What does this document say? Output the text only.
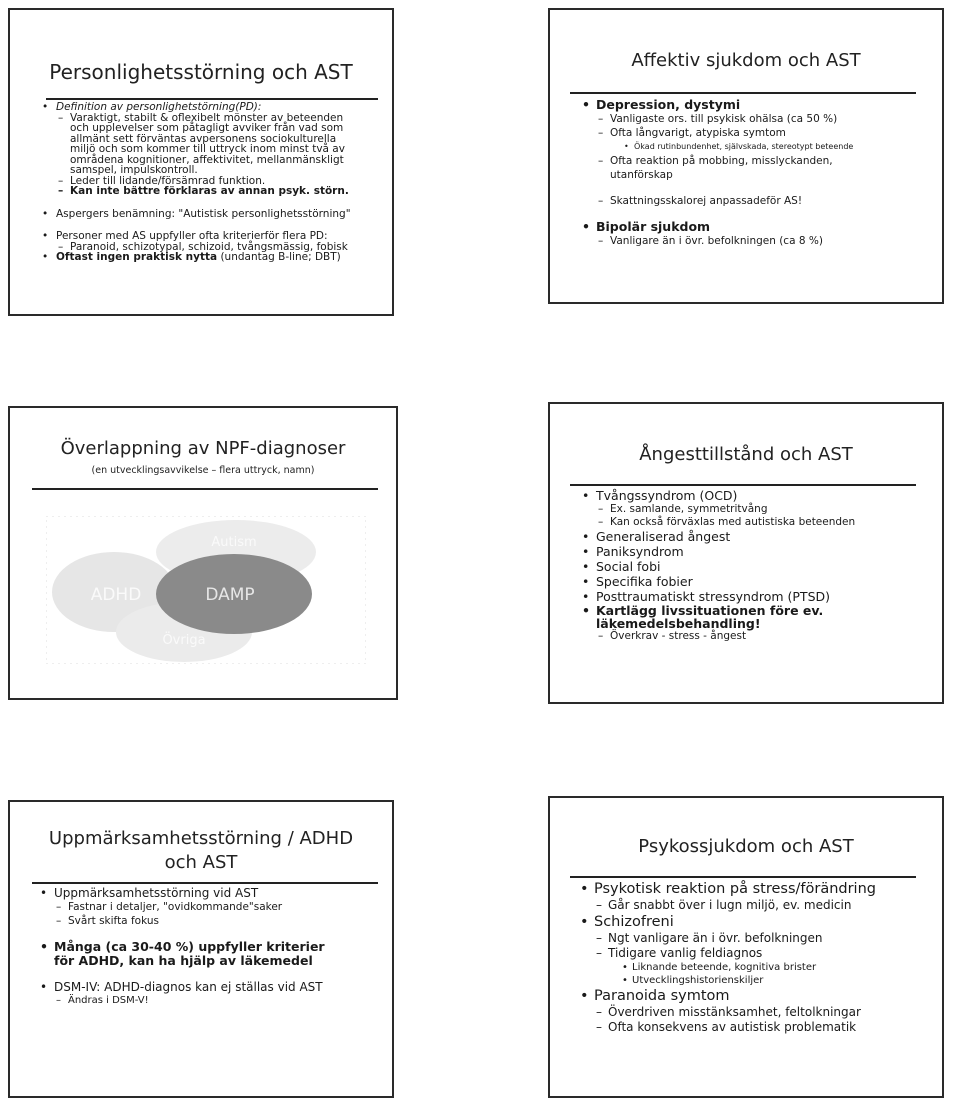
Personlighetsstörning och AST

• Definition av personlighetstörning(PD):

– Varaktigt, stabilt & oflexibelt mönster av beteenden

och upplevelser som påtagligt avviker från vad som

allmänt sett förväntas avpersonens sociokulturella

miljö och som kommer till uttryck inom minst två av

områdena kognitioner, affektivitet, mellanmänskligt

samspel, impulskontroll.

– Leder till lidande/försämrad funktion.

– Kan inte bättre förklaras av annan psyk. störn.

• Aspergers benämning: "Autistisk personlighetsstörning"

• Personer med AS uppfyller ofta kriterierför flera PD:

– Paranoid, schizotypal, schizoid, tvångsmässig, fobisk

• Oftast ingen praktisk nytta (undantag B-line; DBT)

Affektiv sjukdom och AST

• Depression, dystymi

– Vanligaste ors. till psykisk ohälsa (ca 50 %)

– Ofta långvarigt, atypiska symtom

• Ökad rutinbundenhet, självskada, stereotypt beteende

– Ofta reaktion på mobbing, misslyckanden,

utanförskap

– Skattningsskalorej anpassadeför AS!

• Bipolär sjukdom

– Vanligare än i övr. befolkningen (ca 8 %)

Överlappning av NPF-diagnoser
(en utvecklingsavvikelse – flera uttryck, namn)
Autism
ADHD	DAMP
Övriga
Ångesttillstånd och AST

• Tvångssyndrom (OCD)

– Ex. samlande, symmetritvång

– Kan också förväxlas med autistiska beteenden

• Generaliserad ångest

• Paniksyndrom

• Social fobi

• Specifika fobier

• Posttraumatiskt stressyndrom (PTSD)

• Kartlägg livssituationen före ev.

läkemedelsbehandling!

– Överkrav - stress - ångest

Uppmärksamhetsstörning / ADHD
och AST

• Uppmärksamhetsstörning vid AST

– Fastnar i detaljer, "ovidkommande"saker

– Svårt skifta fokus

• Många (ca 30-40 %) uppfyller kriterier

för ADHD, kan ha hjälp av läkemedel

• DSM-IV: ADHD-diagnos kan ej ställas vid AST

– Ändras i DSM-V!

Psykossjukdom och AST

• Psykotisk reaktion på stress/förändring

– Går snabbt över i lugn miljö, ev. medicin

• Schizofreni

– Ngt vanligare än i övr. befolkningen

– Tidigare vanlig feldiagnos

• Liknande beteende, kognitiva brister

• Utvecklingshistorienskiljer

• Paranoida symtom

– Överdriven misstänksamhet, feltolkningar

– Ofta konsekvens av autistisk problematik
